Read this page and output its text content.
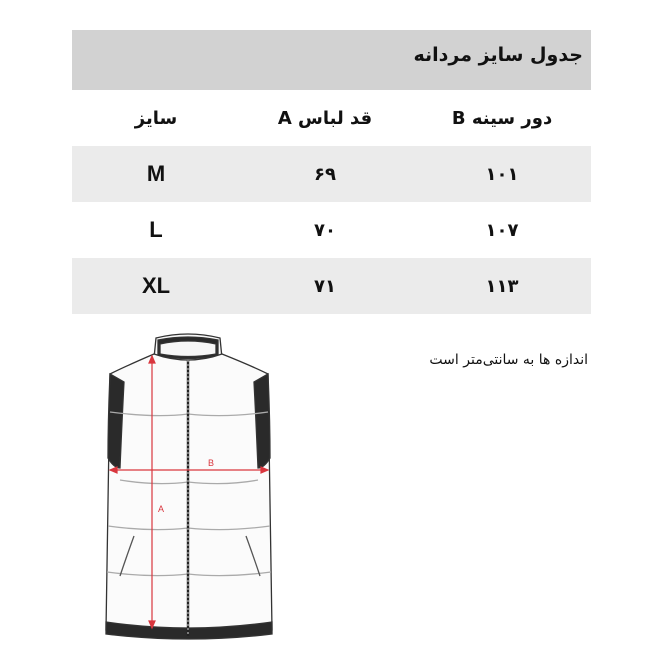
جدول سایز مردانه
B دور سینه
A قد لباس
سایز
۱۰۱
۶۹
M
۱۰۷
۷۰
L
۱۱۳
۷۱
XL
اندازه ها به سانتی‌متر است
B
A
